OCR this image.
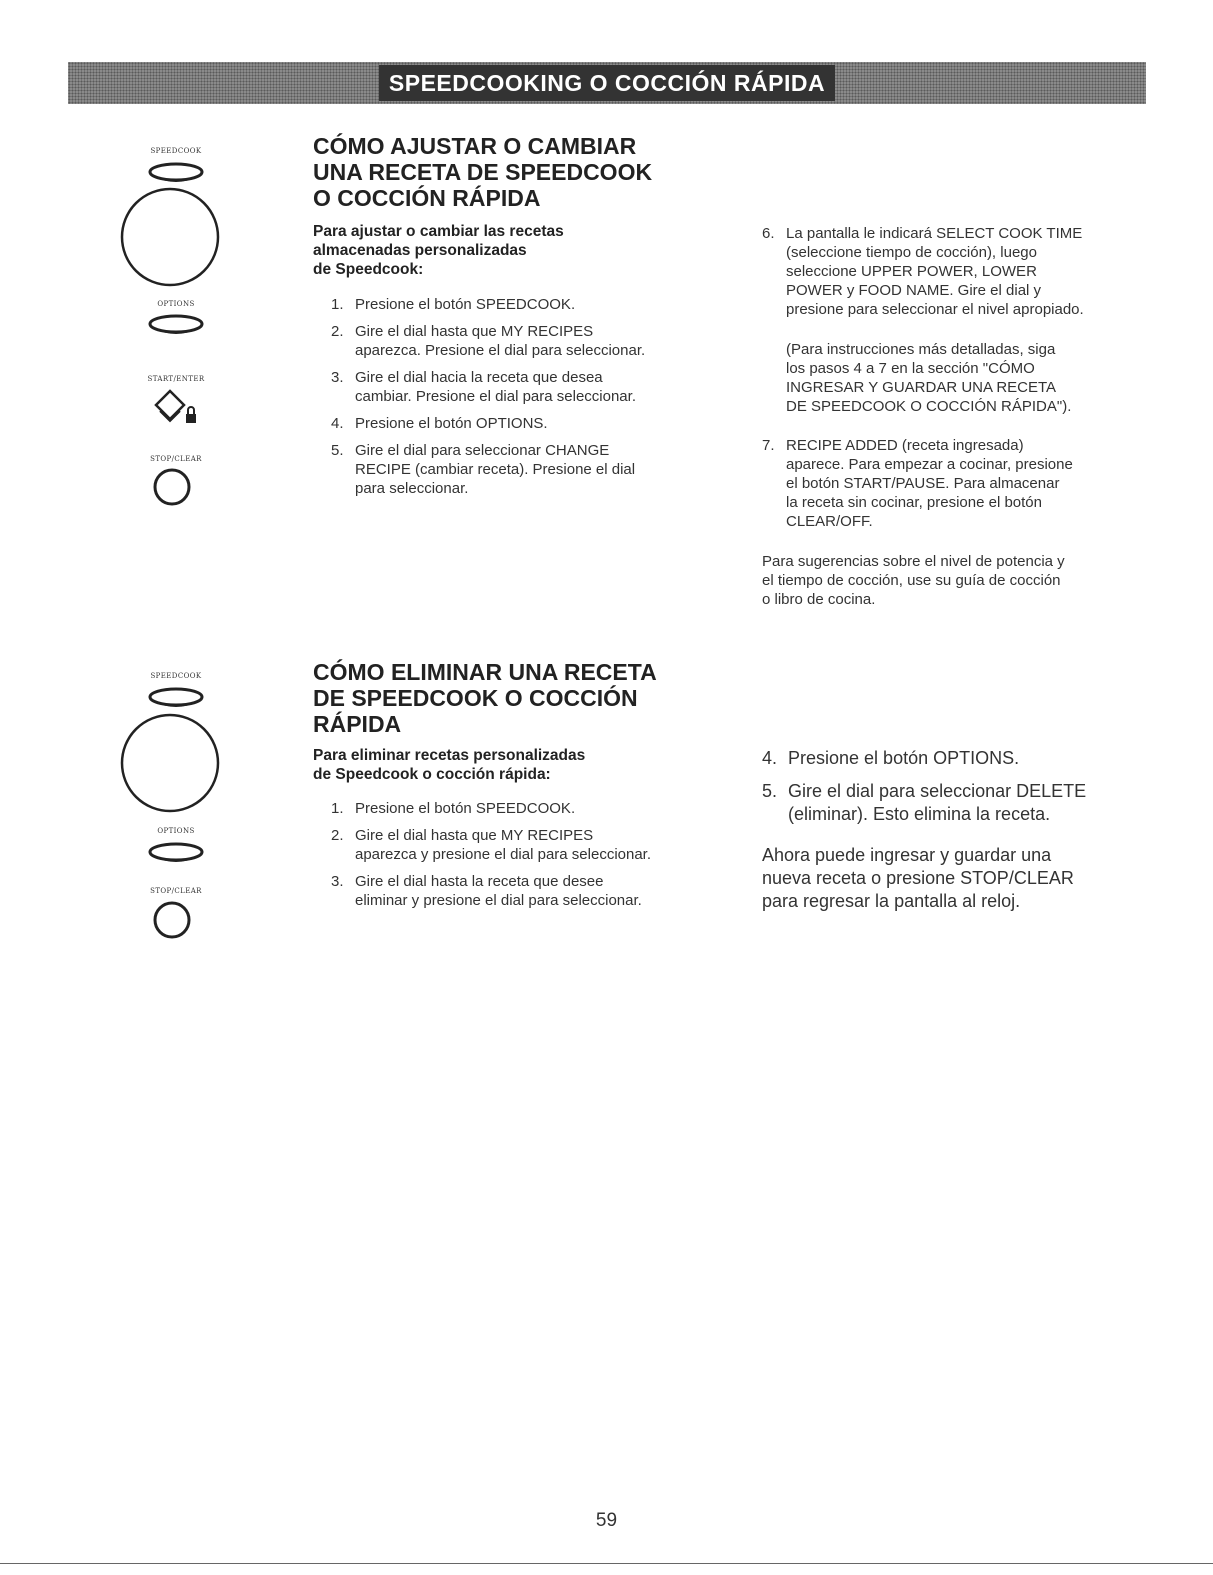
SPEEDCOOKING O COCCIÓN RÁPIDA
SPEEDCOOK
OPTIONS
START/ENTER
STOP/CLEAR
CÓMO AJUSTAR O CAMBIAR
UNA RECETA DE SPEEDCOOK
O COCCIÓN RÁPIDA

Para ajustar o cambiar las recetas
almacenadas personalizadas
de Speedcook:

1. Presione el botón SPEEDCOOK.
2. Gire el dial hasta que MY RECIPES
aparezca. Presione el dial para seleccionar.
3. Gire el dial hacia la receta que desea
cambiar. Presione el dial para seleccionar.
4. Presione el botón OPTIONS.
5. Gire el dial para seleccionar CHANGE
RECIPE (cambiar receta). Presione el dial
para seleccionar.
6. La pantalla le indicará SELECT COOK TIME
(seleccione tiempo de cocción), luego
seleccione UPPER POWER, LOWER
POWER y FOOD NAME. Gire el dial y
presione para seleccionar el nivel apropiado.
(Para instrucciones más detalladas, siga
los pasos 4 a 7 en la sección "CÓMO
INGRESAR Y GUARDAR UNA RECETA
DE SPEEDCOOK O COCCIÓN RÁPIDA").
7. RECIPE ADDED (receta ingresada)
aparece. Para empezar a cocinar, presione
el botón START/PAUSE. Para almacenar
la receta sin cocinar, presione el botón
CLEAR/OFF.
Para sugerencias sobre el nivel de potencia y
el tiempo de cocción, use su guía de cocción
o libro de cocina.
SPEEDCOOK
OPTIONS
STOP/CLEAR
CÓMO ELIMINAR UNA RECETA
DE SPEEDCOOK O COCCIÓN
RÁPIDA

Para eliminar recetas personalizadas
de Speedcook o cocción rápida:

1. Presione el botón SPEEDCOOK.
2. Gire el dial hasta que MY RECIPES
aparezca y presione el dial para seleccionar.
3. Gire el dial hasta la receta que desee
eliminar y presione el dial para seleccionar.
4. Presione el botón OPTIONS.
5. Gire el dial para seleccionar DELETE
(eliminar). Esto elimina la receta.
Ahora puede ingresar y guardar una
nueva receta o presione STOP/CLEAR
para regresar la pantalla al reloj.
59
